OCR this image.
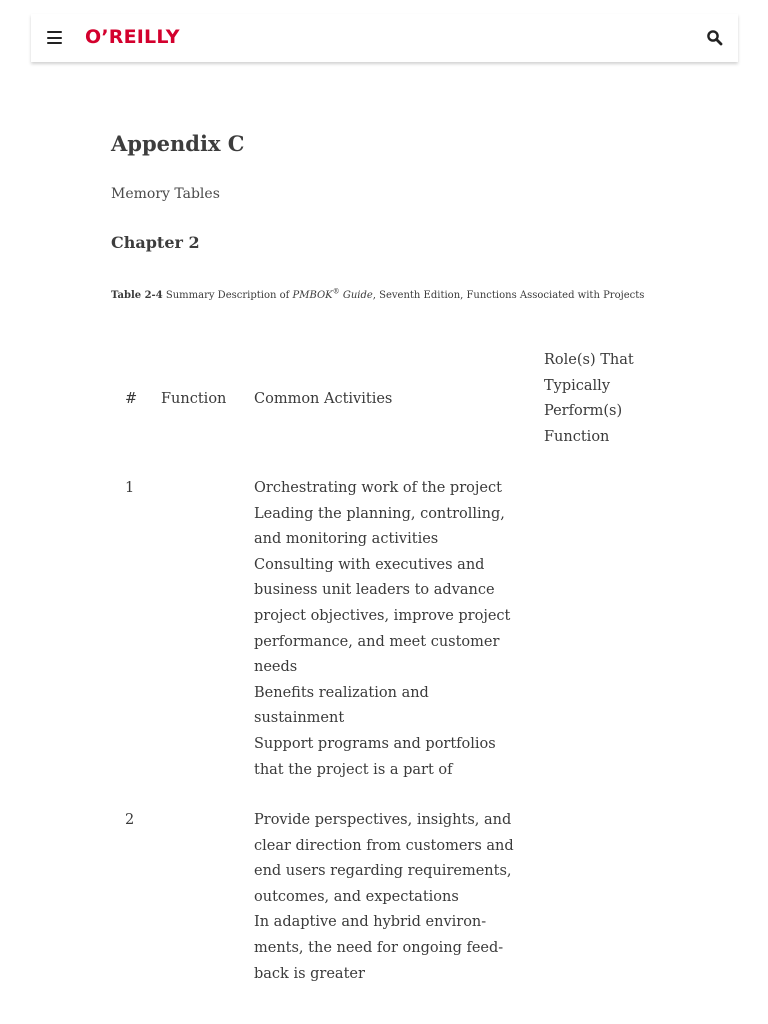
O’REILLY
Appendix C
Memory Tables
Chapter 2

Table 2-4 Summary Description of PMBOK® Guide, Seventh Edition, Functions Associated with Projects

# Function Common Activities
Role(s) That
Typically
Perform(s)
Function
1	Orchestrating work of the project
Leading the planning, controlling,
and monitoring activities
Consulting with executives and
business unit leaders to advance
project objectives, improve project
performance, and meet customer
needs
Benefits realization and
sustainment
Support programs and portfolios
that the project is a part of
2	Provide perspectives, insights, and
clear direction from customers and
end users regarding requirements,
outcomes, and expectations
In adaptive and hybrid environ-
ments, the need for ongoing feed-
back is greater
